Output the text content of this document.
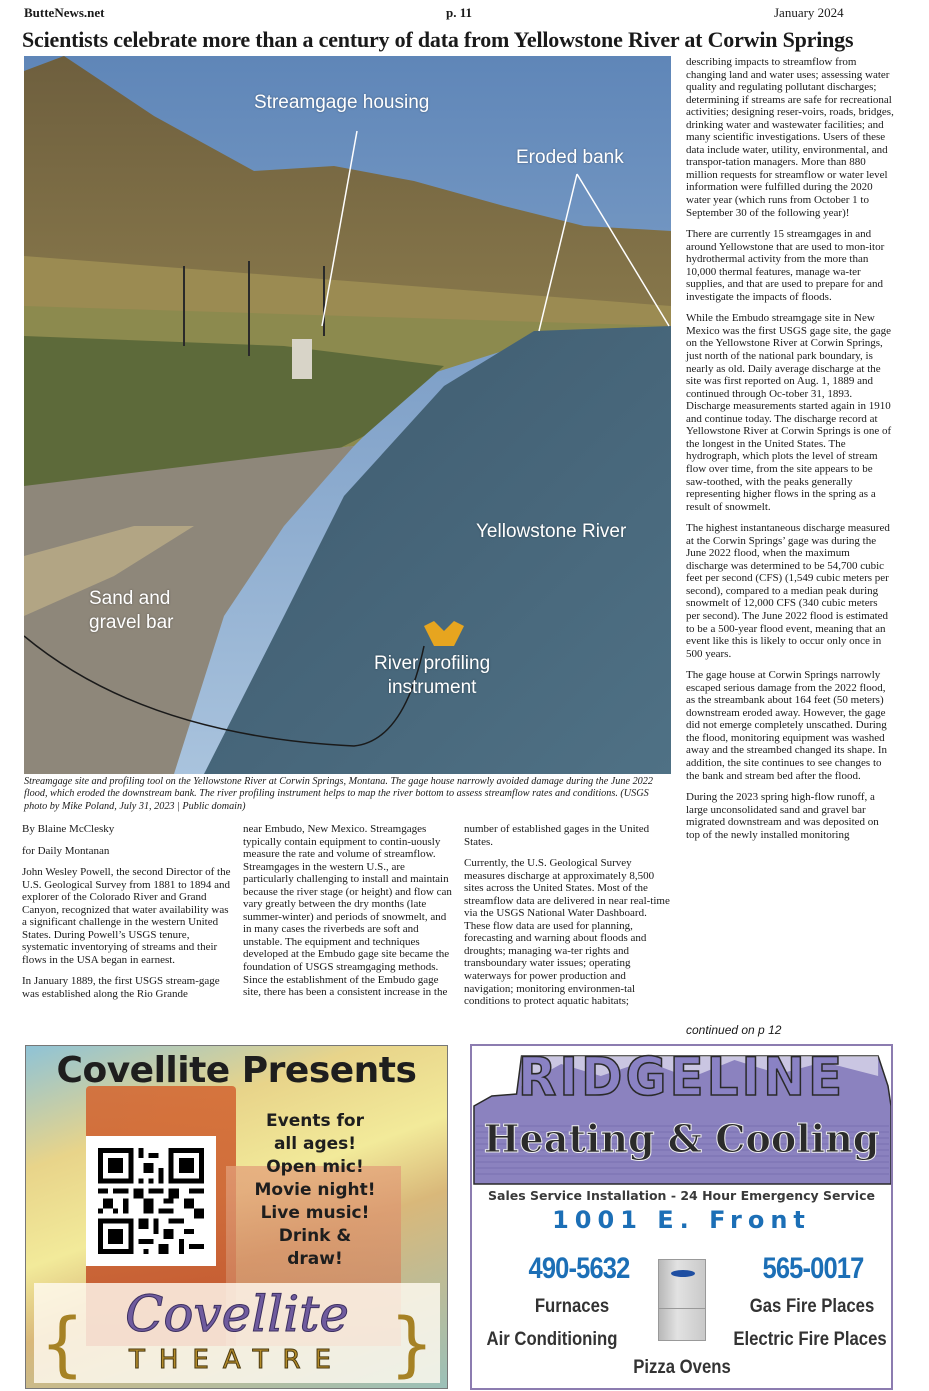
ButteNews.net	p. 11	January 2024
Scientists celebrate more than a century of data from Yellowstone River at Corwin Springs
Streamgage housing
Eroded bank
Yellowstone River
Sand and
gravel bar
River profiling
instrument
Streamgage site and profiling tool on the Yellowstone River at Corwin Springs, Montana. The gage house narrowly avoided damage during the June 2022 flood, which eroded the downstream bank. The river profiling instrument helps to map the river bottom to assess streamflow rates and conditions. (USGS photo by Mike Poland, July 31, 2023 | Public domain)

By Blaine McClesky

for Daily Montanan

John Wesley Powell, the second Director of the U.S. Geological Survey from 1881 to 1894 and explorer of the Colorado River and Grand Canyon, recognized that water availability was a significant challenge in the western United States. During Powell’s USGS tenure, systematic inventorying of streams and their flows in the USA began in earnest.

In January 1889, the first USGS stream-gage was established along the Rio Grande

near Embudo, New Mexico. Streamgages typically contain equipment to contin-uously measure the rate and volume of streamflow. Streamgages in the western U.S., are particularly challenging to install and maintain because the river stage (or height) and flow can vary greatly between the dry months (late summer-winter) and periods of snowmelt, and in many cases the riverbeds are soft and unstable. The equipment and techniques developed at the Embudo gage site became the foundation of USGS streamgaging methods. Since the establishment of the Embudo gage site, there has been a consistent increase in the

number of established gages in the United States.

Currently, the U.S. Geological Survey measures discharge at approximately 8,500 sites across the United States. Most of the streamflow data are delivered in near real-time via the USGS National Water Dashboard. These flow data are used for planning, forecasting and warning about floods and droughts; managing wa-ter rights and transboundary water issues; operating waterways for power production and navigation; monitoring environmen-tal conditions to protect aquatic habitats;

describing impacts to streamflow from changing land and water uses; assessing water quality and regulating pollutant discharges; determining if streams are safe for recreational activities; designing reser-voirs, roads, bridges, drinking water and wastewater facilities; and many scientific investigations. Users of these data include water, utility, environmental, and transpor-tation managers. More than 880 million requests for streamflow or water level information were fulfilled during the 2020 water year (which runs from October 1 to September 30 of the following year)!

There are currently 15 streamgages in and around Yellowstone that are used to mon-itor hydrothermal activity from the more than 10,000 thermal features, manage wa-ter supplies, and that are used to prepare for and investigate the impacts of floods.

While the Embudo streamgage site in New Mexico was the first USGS gage site, the gage on the Yellowstone River at Corwin Springs, just north of the national park boundary, is nearly as old. Daily average discharge at the site was first reported on Aug. 1, 1889 and continued through Oc-tober 31, 1893. Discharge measurements started again in 1910 and continue today. The discharge record at Yellowstone River at Corwin Springs is one of the longest in the United States. The hydrograph, which plots the level of stream flow over time, from the site appears to be saw-toothed, with the peaks generally representing higher flows in the spring as a result of snowmelt.

The highest instantaneous discharge measured at the Corwin Springs’ gage was during the June 2022 flood, when the maximum discharge was determined to be 54,700 cubic feet per second (CFS) (1,549 cubic meters per second), compared to a median peak during snowmelt of 12,000 CFS (340 cubic meters per second). The June 2022 flood is estimated to be a 500-year flood event, meaning that an event like this is likely to occur only once in 500 years.

The gage house at Corwin Springs narrowly escaped serious damage from the 2022 flood, as the streambank about 164 feet (50 meters) downstream eroded away. However, the gage did not emerge completely unscathed. During the flood, monitoring equipment was washed away and the streambed changed its shape. In addition, the site continues to see changes to the bank and stream bed after the flood.

During the 2023 spring high-flow runoff, a large unconsolidated sand and gravel bar migrated downstream and was deposited on top of the newly installed monitoring

continued on p 12
Covellite Presents
Events for
all ages!
Open mic!
Movie night!
Live music!
Drink &
draw!
{	}
Covellite
THEATRE
RIDGELINE
Heating & Cooling
Sales Service Installation - 24 Hour Emergency Service
1001 E. Front
490-5632	565-0017
Furnaces
Air Conditioning
Gas Fire Places
Electric Fire Places
Pizza Ovens
